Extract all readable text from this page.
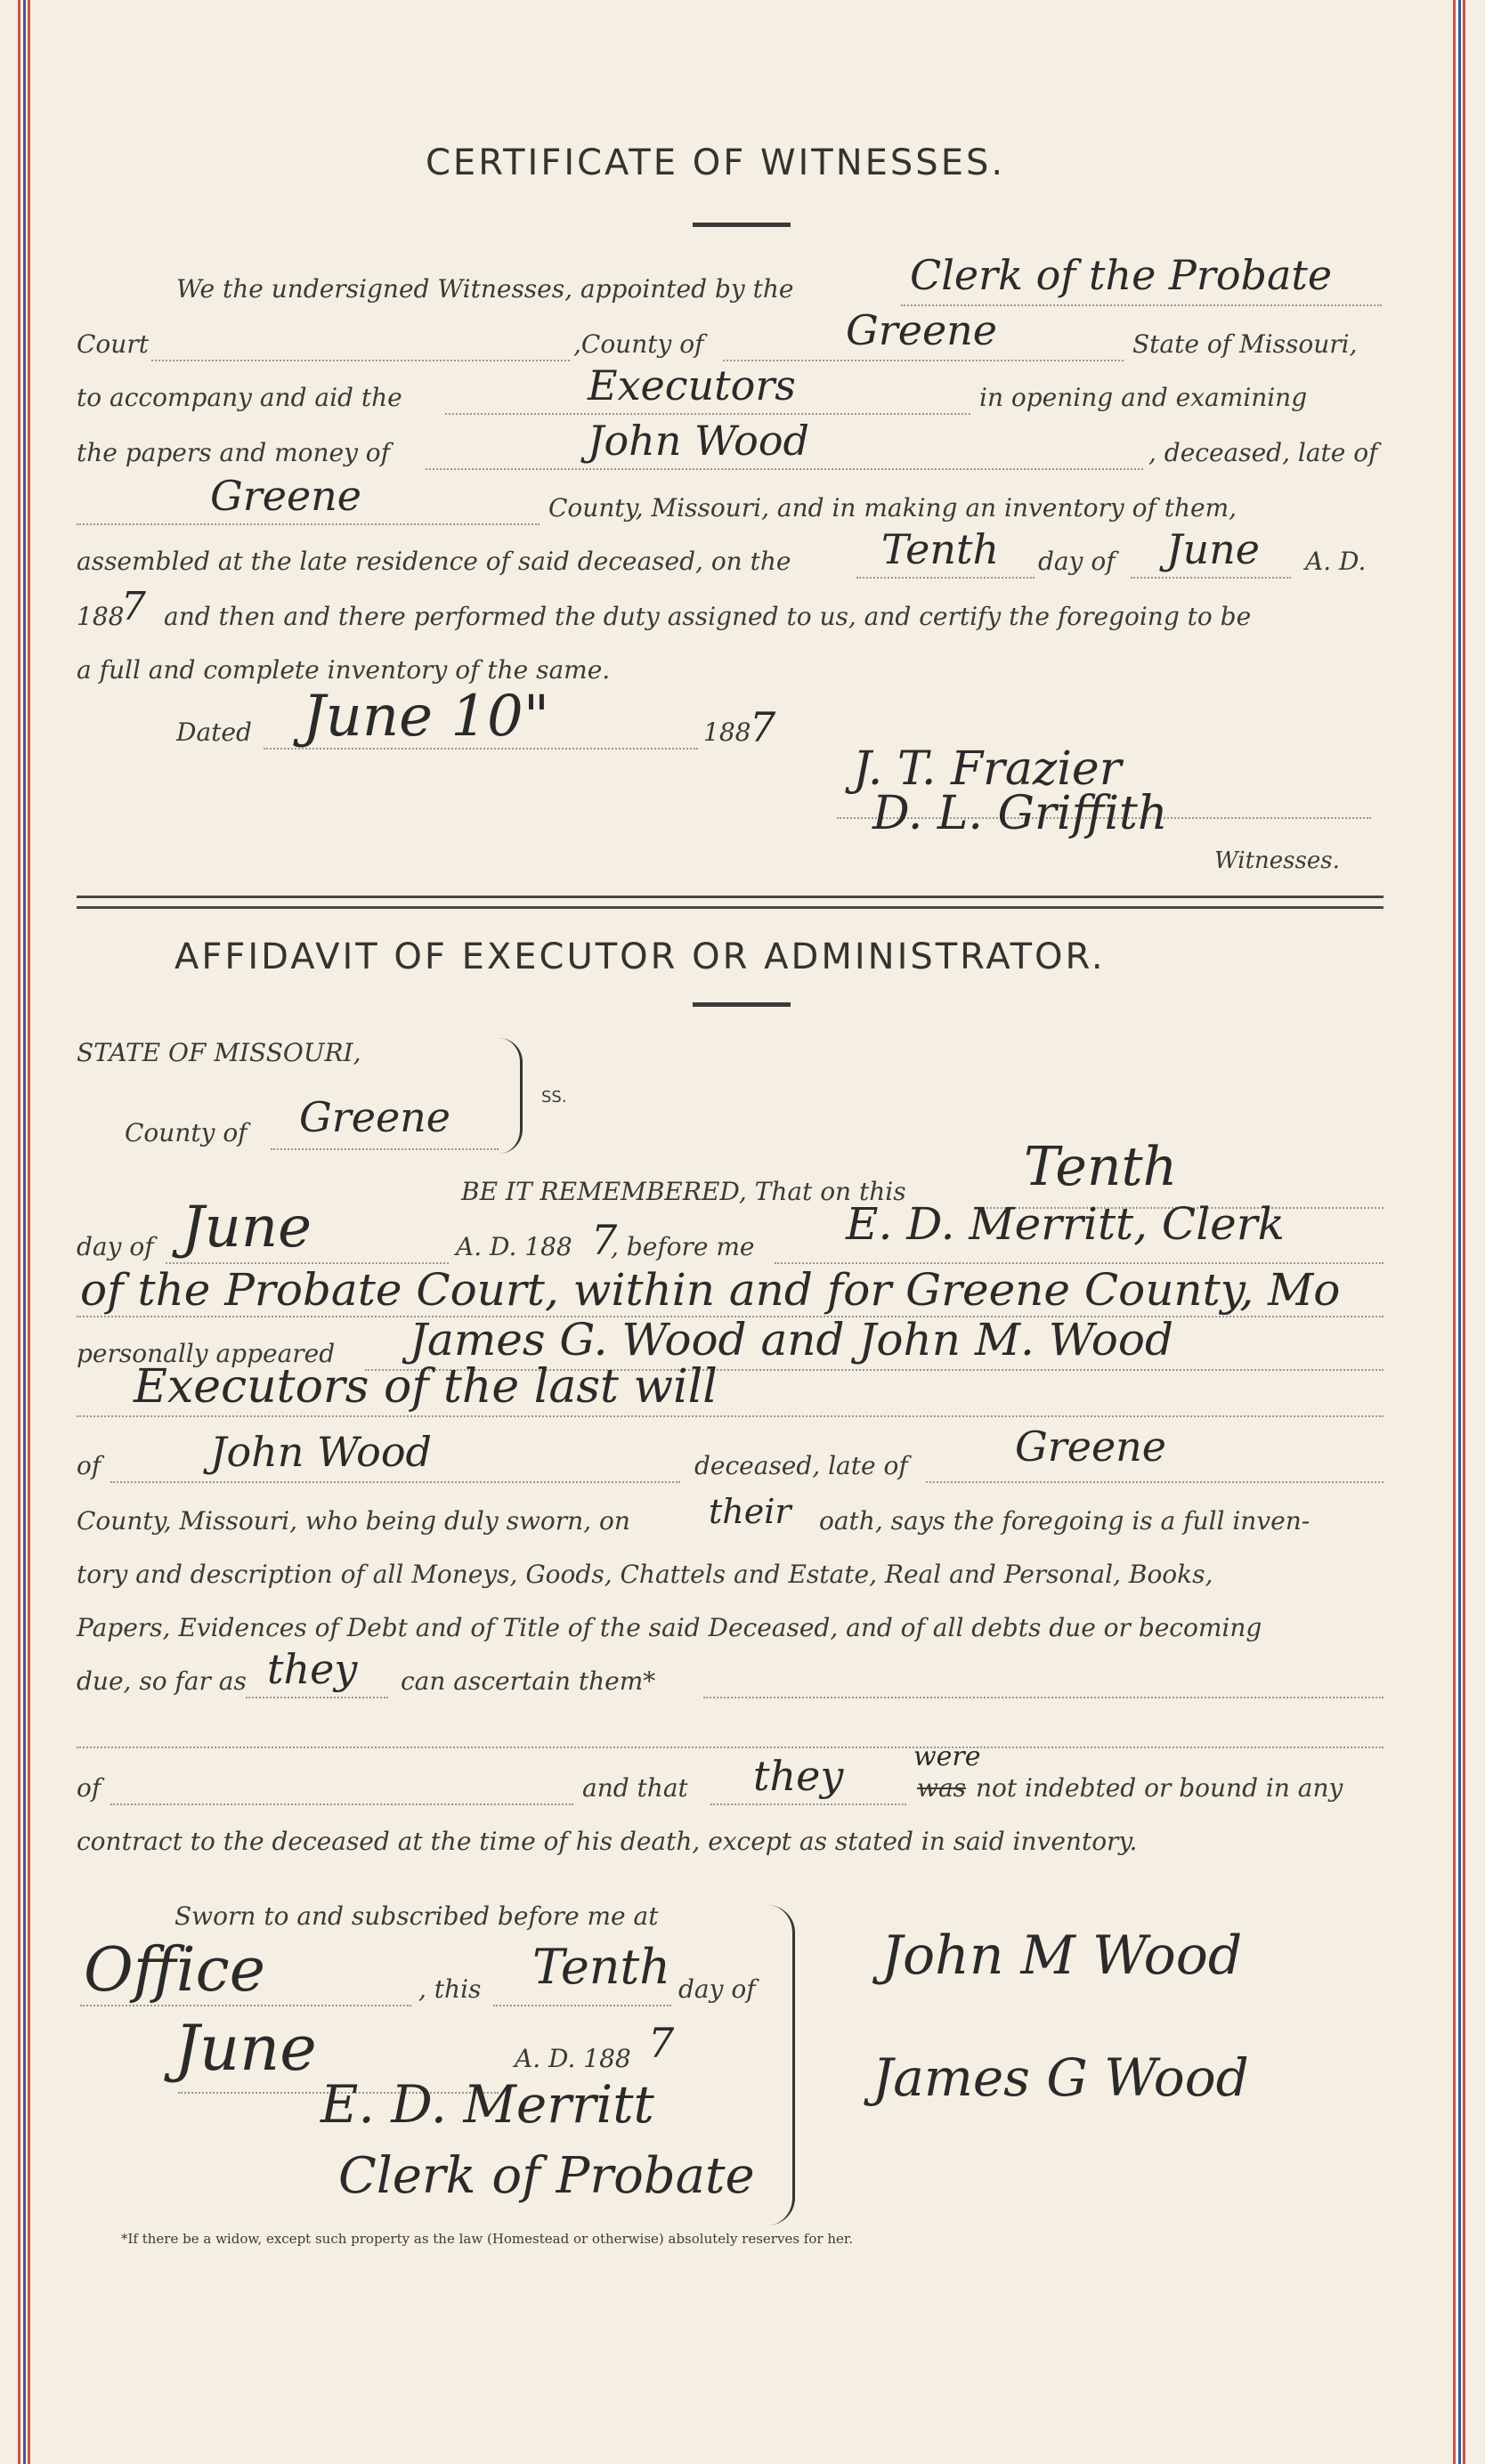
CERTIFICATE OF WITNESSES.
We the undersigned Witnesses, appointed by the	Clerk of the Probate
Court	,County of	Greene	State of Missouri,
to accompany and aid the	Executors	in opening and examining
the papers and money of	John Wood	, deceased, late of
Greene	County, Missouri, and in making an inventory of them,
assembled at the late residence of said deceased, on the Tenth day of June A. D.
188
7 and then and there performed the duty assigned to us, and certify the foregoing to be
a full and complete inventory of the same.
Dated June 10"	188
7
J. T. Frazier
D. L. Griffith
Witnesses.
AFFIDAVIT OF EXECUTOR OR ADMINISTRATOR.
STATE OF MISSOURI,
SS.
County of Greene
BE IT REMEMBERED, That on this Tenth
day of June	A. D. 188 7
, before me E. D. Merritt, Clerk
of the Probate Court, within and for Greene County, Mo
personally appeared James G. Wood and John M. Wood
Executors of the last will
of	John Wood	deceased, late of	Greene
County, Missouri, who being duly sworn, on their oath, says the foregoing is a full inven-
tory and description of all Moneys, Goods, Chattels and Estate, Real and Personal, Books,
Papers, Evidences of Debt and of Title of the said Deceased, and of all debts due or becoming
due, so far as they can ascertain them*
of	and that they	were
was not indebted or bound in any
contract to the deceased at the time of his death, except as stated in said inventory.
Sworn to and subscribed before me at
Office	, this Tenth day of
June	A. D. 188 7
E. D. Merritt
Clerk of Probate
John M Wood
James G Wood
*If there be a widow, except such property as the law (Homestead or otherwise) absolutely reserves for her.
